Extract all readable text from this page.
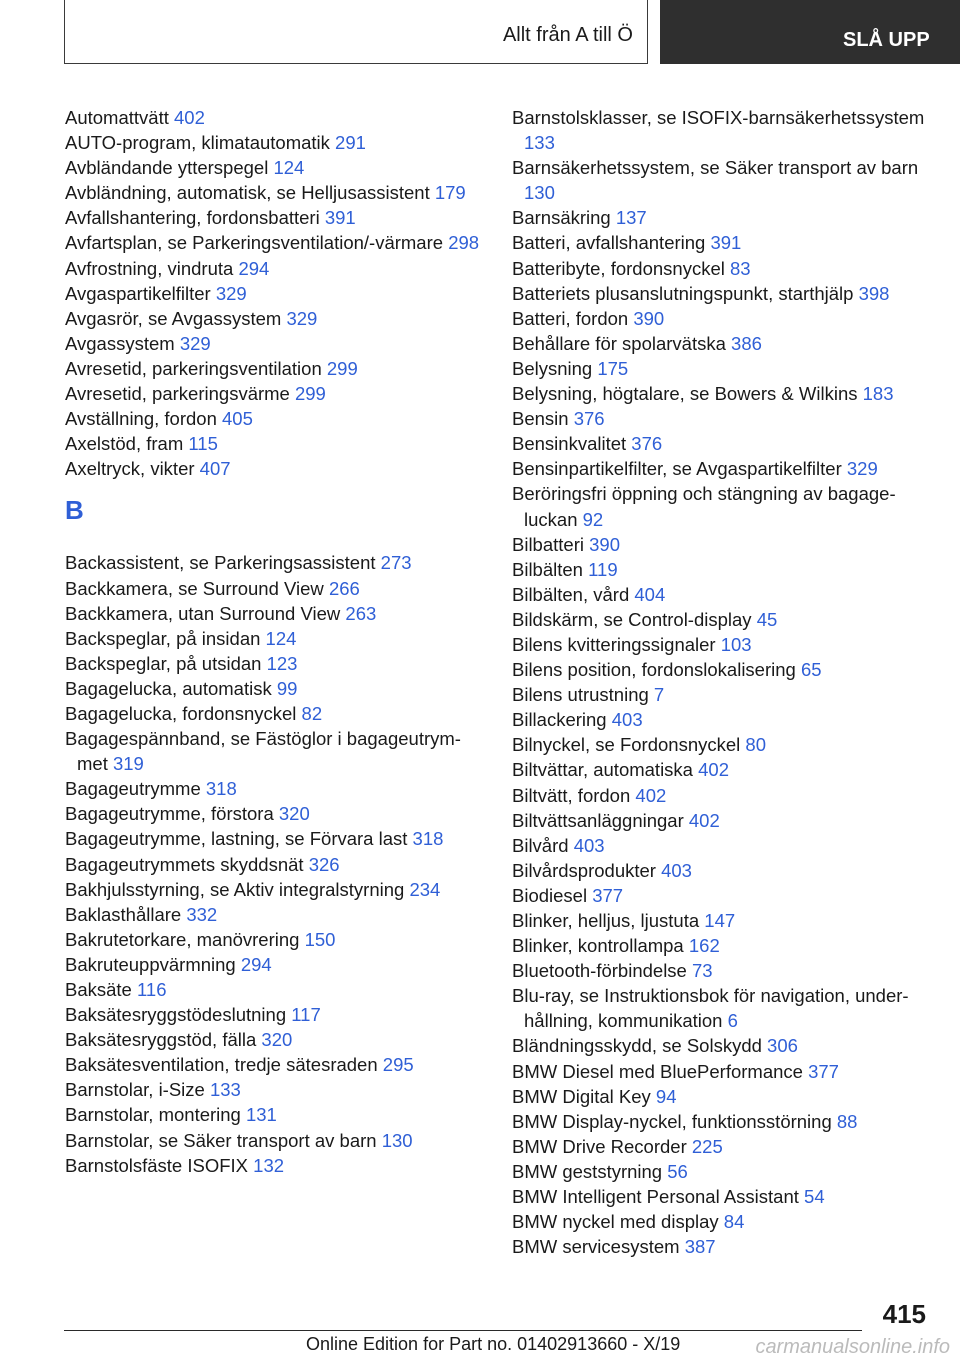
Allt från A till Ö	SLÅ UPP
Automattvätt 402
AUTO-program, klimatautomatik 291
Avbländande ytterspegel 124
Avbländning, automatisk, se Helljusassistent 179
Avfallshantering, fordonsbatteri 391
Avfartsplan, se Parkeringsventilation/-värmare 298
Avfrostning, vindruta 294
Avgaspartikelfilter 329
Avgasrör, se Avgassystem 329
Avgassystem 329
Avresetid, parkeringsventilation 299
Avresetid, parkeringsvärme 299
Avställning, fordon 405
Axelstöd, fram 115
Axeltryck, vikter 407
B
Backassistent, se Parkeringsassistent 273
Backkamera, se Surround View 266
Backkamera, utan Surround View 263
Backspeglar, på insidan 124
Backspeglar, på utsidan 123
Bagagelucka, automatisk 99
Bagagelucka, fordonsnyckel 82
Bagagespännband, se Fästöglor i bagageutrymmet 319
Bagageutrymme 318
Bagageutrymme, förstora 320
Bagageutrymme, lastning, se Förvara last 318
Bagageutrymmets skyddsnät 326
Bakhjulsstyrning, se Aktiv integralstyrning 234
Baklasthållare 332
Bakrutetorkare, manövrering 150
Bakruteuppvärmning 294
Baksäte 116
Baksätesryggstödeslutning 117
Baksätesryggstöd, fälla 320
Baksätesventilation, tredje sätesraden 295
Barnstolar, i-Size 133
Barnstolar, montering 131
Barnstolar, se Säker transport av barn 130
Barnstolsfäste ISOFIX 132
Barnstolsklasser, se ISOFIX-barnsäkerhetssystem 133
Barnsäkerhetssystem, se Säker transport av barn 130
Barnsäkring 137
Batteri, avfallshantering 391
Batteribyte, fordonsnyckel 83
Batteriets plusanslutningspunkt, starthjälp 398
Batteri, fordon 390
Behållare för spolarvätska 386
Belysning 175
Belysning, högtalare, se Bowers & Wilkins 183
Bensin 376
Bensinkvalitet 376
Bensinpartikelfilter, se Avgaspartikelfilter 329
Beröringsfri öppning och stängning av bagageluckan 92
Bilbatteri 390
Bilbälten 119
Bilbälten, vård 404
Bildskärm, se Control-display 45
Bilens kvitteringssignaler 103
Bilens position, fordonslokalisering 65
Bilens utrustning 7
Billackering 403
Bilnyckel, se Fordonsnyckel 80
Biltvättar, automatiska 402
Biltvätt, fordon 402
Biltvättsanläggningar 402
Bilvård 403
Bilvårdsprodukter 403
Biodiesel 377
Blinker, helljus, ljustuta 147
Blinker, kontrollampa 162
Bluetooth-förbindelse 73
Blu-ray, se Instruktionsbok för navigation, underhållning, kommunikation 6
Bländningsskydd, se Solskydd 306
BMW Diesel med BluePerformance 377
BMW Digital Key 94
BMW Display-nyckel, funktionsstörning 88
BMW Drive Recorder 225
BMW geststyrning 56
BMW Intelligent Personal Assistant 54
BMW nyckel med display 84
BMW servicesystem 387
415
Online Edition for Part no. 01402913660 - X/19	carmanualsonline.info
